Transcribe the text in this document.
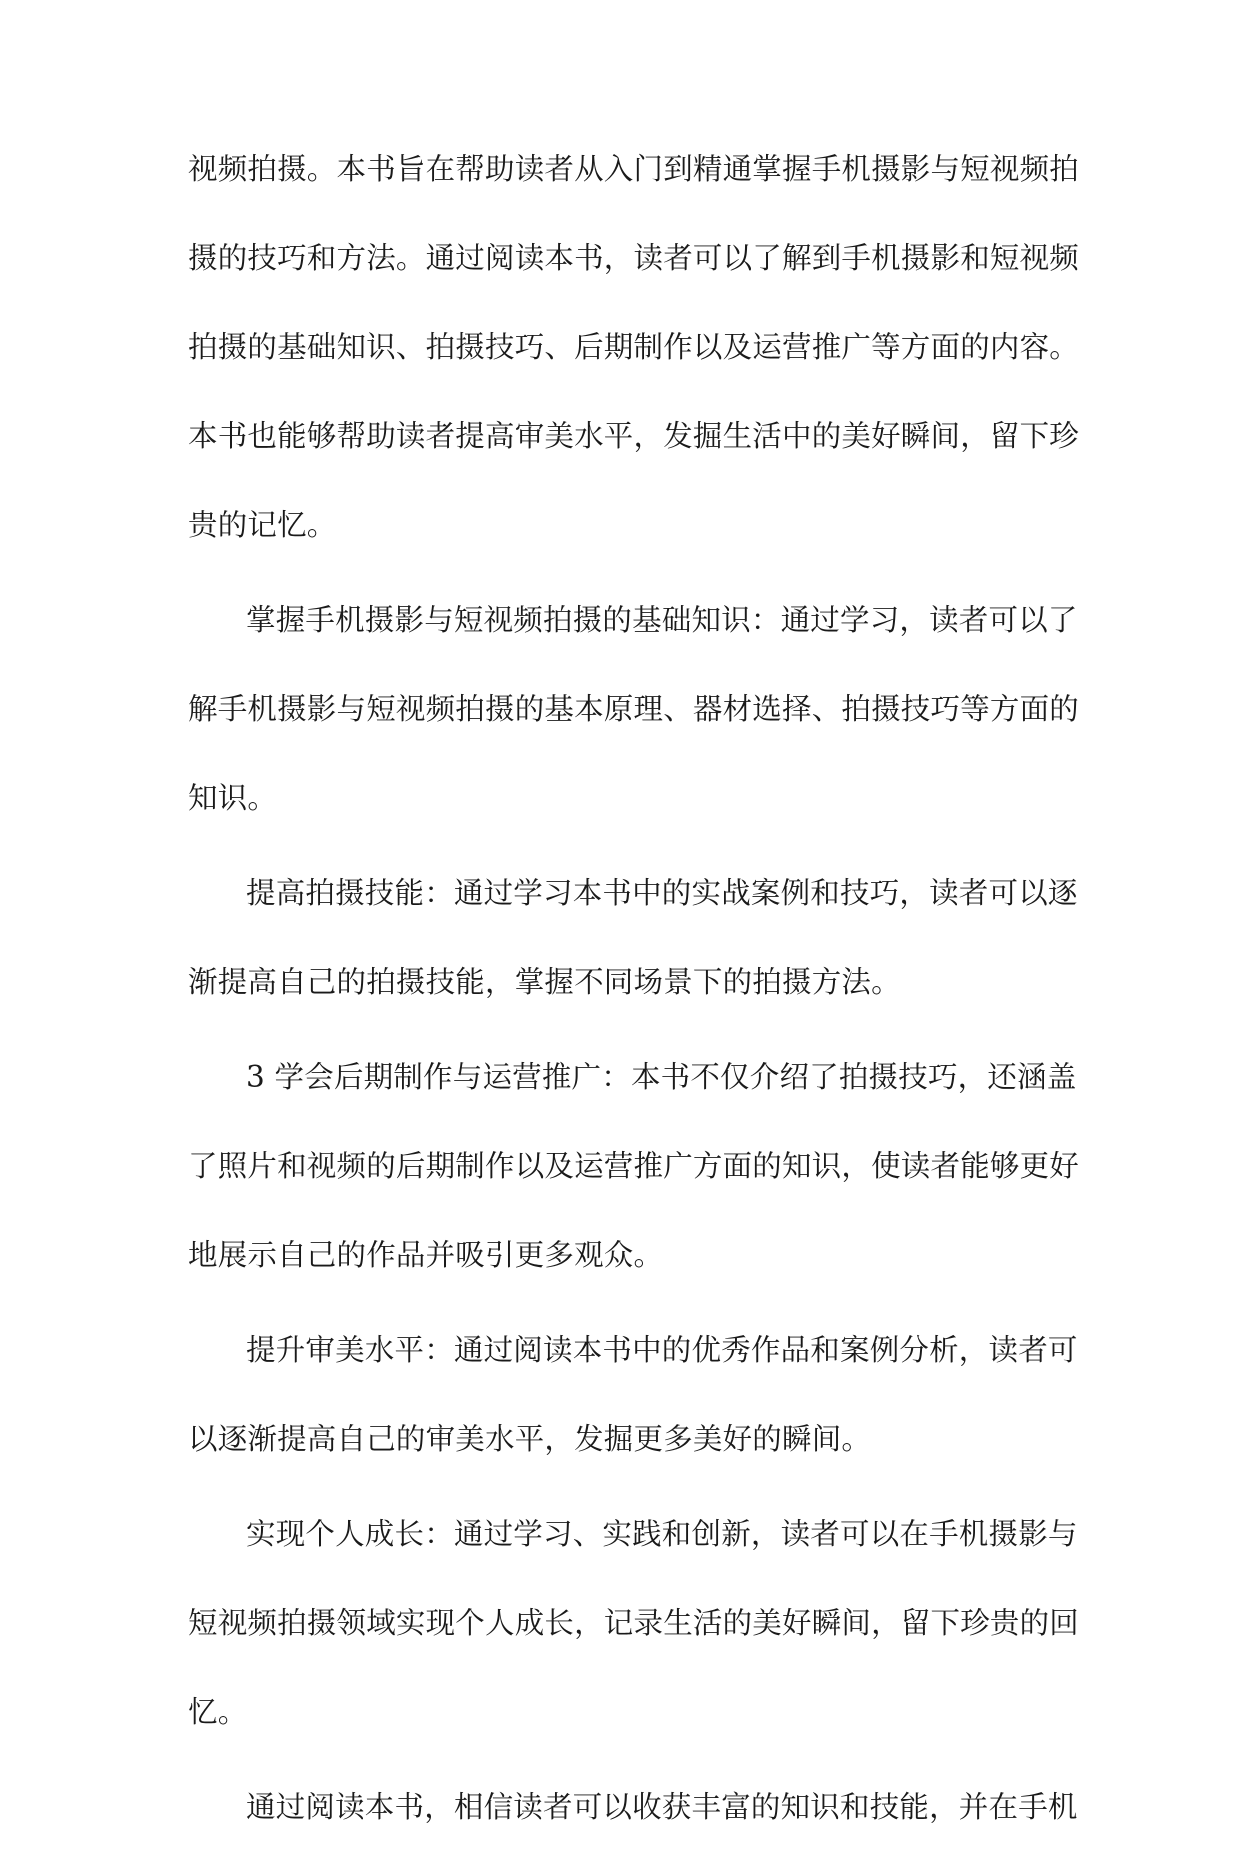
视频拍摄。本书旨在帮助读者从入门到精通掌握手机摄影与短视频拍
摄的技巧和方法。通过阅读本书，读者可以了解到手机摄影和短视频
拍摄的基础知识、拍摄技巧、后期制作以及运营推广等方面的内容。
本书也能够帮助读者提高审美水平，发掘生活中的美好瞬间，留下珍
贵的记忆。
掌握手机摄影与短视频拍摄的基础知识：通过学习，读者可以了
解手机摄影与短视频拍摄的基本原理、器材选择、拍摄技巧等方面的
知识。
提高拍摄技能：通过学习本书中的实战案例和技巧，读者可以逐
渐提高自己的拍摄技能，掌握不同场景下的拍摄方法。
3 学会后期制作与运营推广：本书不仅介绍了拍摄技巧，还涵盖
了照片和视频的后期制作以及运营推广方面的知识，使读者能够更好
地展示自己的作品并吸引更多观众。
提升审美水平：通过阅读本书中的优秀作品和案例分析，读者可
以逐渐提高自己的审美水平，发掘更多美好的瞬间。
实现个人成长：通过学习、实践和创新，读者可以在手机摄影与
短视频拍摄领域实现个人成长，记录生活的美好瞬间，留下珍贵的回
忆。
通过阅读本书，相信读者可以收获丰富的知识和技能，并在手机
